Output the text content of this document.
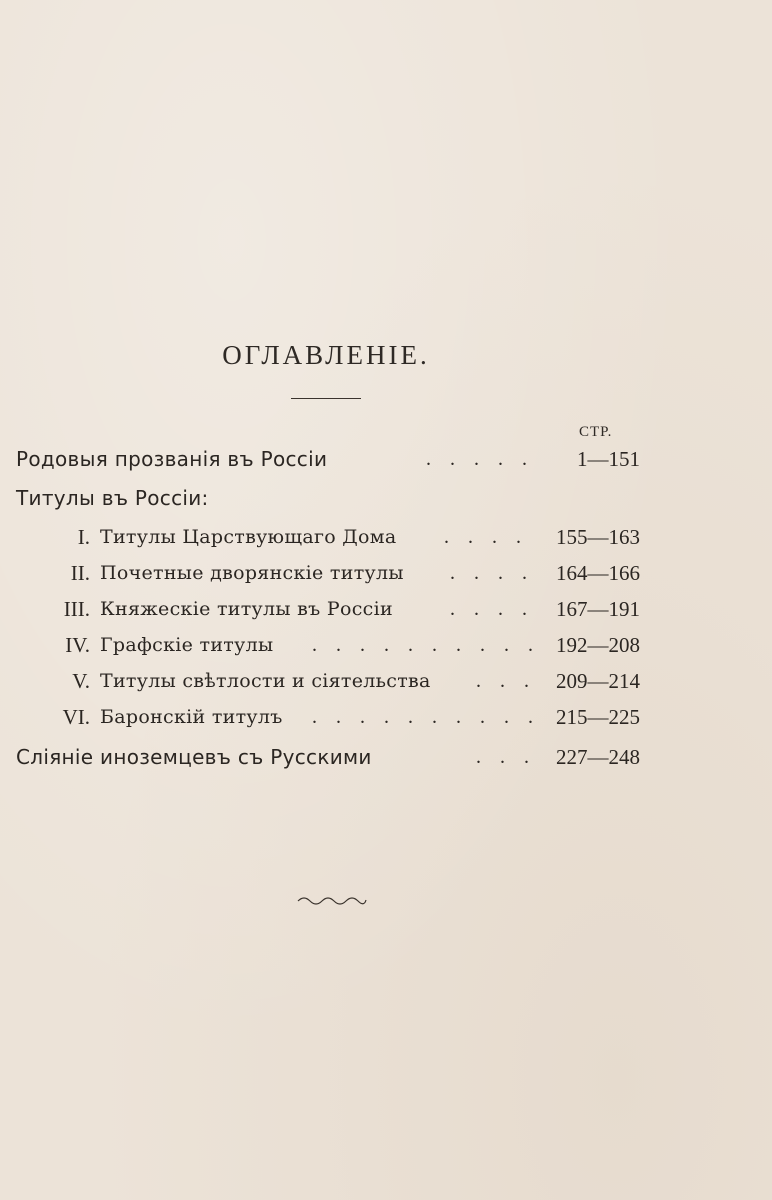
ОГЛАВЛЕНIЕ.
СТР.
Родовыя прозванiя въ Россiи	. . . . . 1—151
Титулы въ Россiи:
I. Титулы Царствующаго Дома . . . . 155—163
II. Почетные дворянскiе титулы . . . . 164—166
III. Княжескiе титулы въ Россiи	. . . . 167—191
IV. Графскiе титулы . . . . . . . . . . 192—208
V. Титулы свѣтлости и сiятельства . . . 209—214
VI. Баронскiй титулъ . . . . . . . . . . 215—225
Слiянiе иноземцевъ съ Русскими	. . . 227—248
